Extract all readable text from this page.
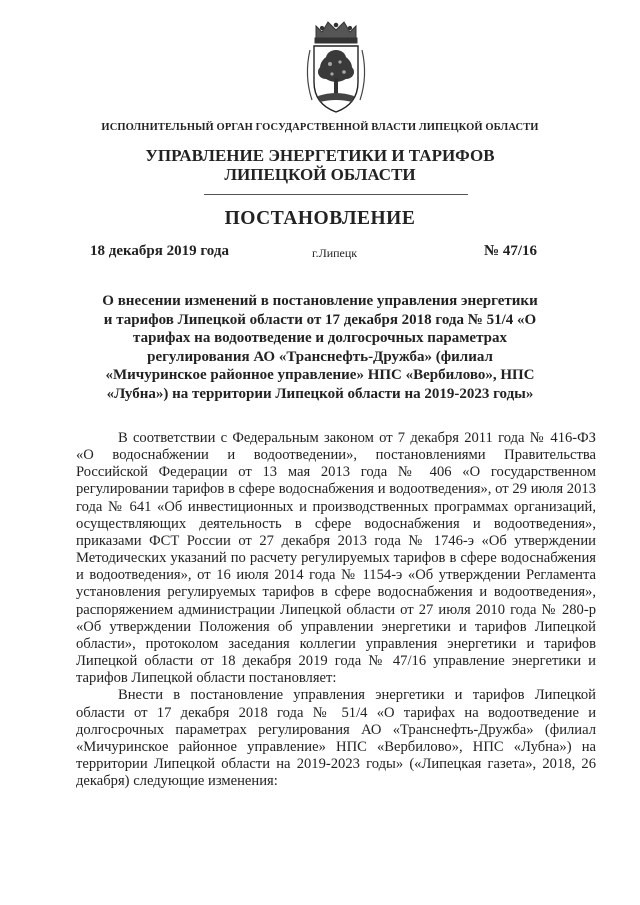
ИСПОЛНИТЕЛЬНЫЙ ОРГАН ГОСУДАРСТВЕННОЙ ВЛАСТИ ЛИПЕЦКОЙ ОБЛАСТИ
УПРАВЛЕНИЕ ЭНЕРГЕТИКИ И ТАРИФОВ
ЛИПЕЦКОЙ ОБЛАСТИ
ПОСТАНОВЛЕНИЕ
18 декабря 2019 года	г.Липецк	№ 47/16
О внесении изменений в постановление управления энергетики и тарифов Липецкой области от 17 декабря 2018 года № 51/4 «О тарифах на водоотведение и долгосрочных параметрах регулирования АО «Транснефть-Дружба» (филиал «Мичуринское районное управление» НПС «Вербилово», НПС «Лубна») на территории Липецкой области на 2019-2023 годы»

В соответствии с Федеральным законом от 7 декабря 2011 года № 416-ФЗ «О водоснабжении и водоотведении», постановлениями Правительства Российской Федерации от 13 мая 2013 года № 406 «О государственном регулировании тарифов в сфере водоснабжения и водоотведения», от 29 июля 2013 года № 641 «Об инвестиционных и производственных программах организаций, осуществляющих деятельность в сфере водоснабжения и водоотведения», приказами ФСТ России от 27 декабря 2013 года № 1746-э «Об утверждении Методических указаний по расчету регулируемых тарифов в сфере водоснабжения и водоотведения», от 16 июля 2014 года № 1154-э «Об утверждении Регламента установления регулируемых тарифов в сфере водоснабжения и водоотведения», распоряжением администрации Липецкой области от 27 июля 2010 года № 280-р «Об утверждении Положения об управлении энергетики и тарифов Липецкой области», протоколом заседания коллегии управления энергетики и тарифов Липецкой области от 18 декабря 2019 года № 47/16 управление энергетики и тарифов Липецкой области постановляет:

Внести в постановление управления энергетики и тарифов Липецкой области от 17 декабря 2018 года № 51/4 «О тарифах на водоотведение и долгосрочных параметрах регулирования АО «Транснефть-Дружба» (филиал «Мичуринское районное управление» НПС «Вербилово», НПС «Лубна») на территории Липецкой области на 2019-2023 годы» («Липецкая газета», 2018, 26 декабря) следующие изменения:
